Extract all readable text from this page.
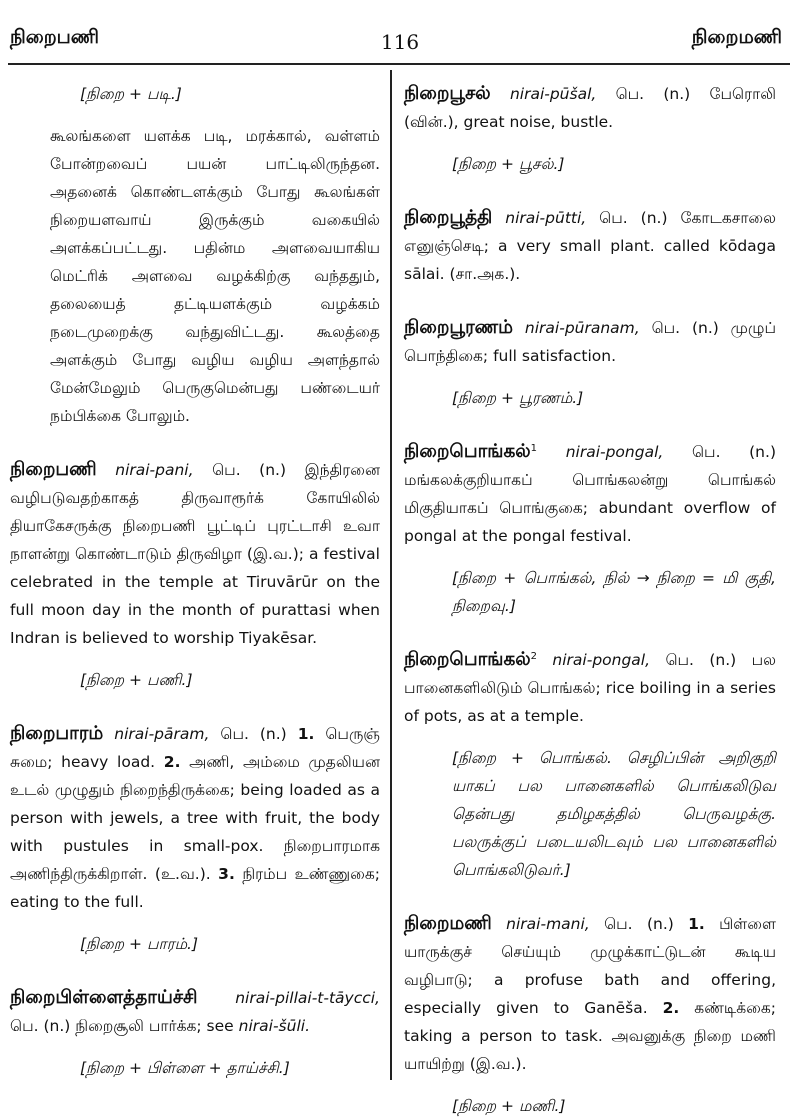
நிறைபணி	116	நிறைமணி

[நிறை + படி.]

கூலங்களை யளக்க படி, மரக்கால், வள்ளம் போன்றவைப் பயன் பாட்டிலிருந்தன. அதனைக் கொண்டளக்கும் போது கூலங்கள் நிறையளவாய் இருக்கும் வகையில் அளக்கப்பட்டது. பதின்ம அளவையாகிய மெட்ரிக் அளவை வழக்கிற்கு வந்ததும், தலையைத் தட்டியளக்கும் வழக்கம் நடைமுறைக்கு வந்துவிட்டது. கூலத்தை அளக்கும் போது வழிய வழிய அளந்தால் மேன்மேலும் பெருகுமென்பது பண்டையர் நம்பிக்கை போலும்.

நிறைபணி nirai-pani, பெ. (n.) இந்திரனை வழிபடுவதற்காகத் திருவாரூர்க் கோயிலில் தியாகேசருக்கு நிறைபணி பூட்டிப் புரட்டாசி உவா நாளன்று கொண்டாடும் திருவிழா (இ.வ.); a festival celebrated in the temple at Tiruvārūr on the full moon day in the month of purattasi when Indran is believed to worship Tiyakēsar.

[நிறை + பணி.]

நிறைபாரம் nirai-pāram, பெ. (n.) 1. பெருஞ் சுமை; heavy load. 2. அணி, அம்மை முதலியன உடல் முழுதும் நிறைந்திருக்கை; being loaded as a person with jewels, a tree with fruit, the body with pustules in small-pox. நிறைபாரமாக அணிந்திருக்கிறாள். (உ.வ.). 3. நிரம்ப உண்ணுகை; eating to the full.

[நிறை + பாரம்.]

நிறைபிள்ளைத்தாய்ச்சி nirai-pillai-t-tāycci, பெ. (n.) நிறைசூலி பார்க்க; see nirai-šūli.

[நிறை + பிள்ளை + தாய்ச்சி.]

நிறைபூசல் nirai-pūšal, பெ. (n.) பேரொலி (வின்.), great noise, bustle.

[நிறை + பூசல்.]

நிறைபூத்தி nirai-pūtti, பெ. (n.) கோடகசாலை எனுஞ்செடி; a very small plant. called kōdaga sālai. (சா.அக.).

நிறைபூரணம் nirai-pūranam, பெ. (n.) முழுப் பொந்திகை; full satisfaction.

[நிறை + பூரணம்.]

நிறைபொங்கல்$^1$ nirai-pongal, பெ. (n.) மங்கலக்குறியாகப் பொங்கலன்று பொங்கல் மிகுதியாகப் பொங்குகை; abundant overflow of pongal at the pongal festival.

[நிறை + பொங்கல், நில் → நிறை = மி குதி, நிறைவு.]

நிறைபொங்கல்$^2$ nirai-pongal, பெ. (n.) பல பானைகளிலிடும் பொங்கல்; rice boiling in a series of pots, as at a temple.

[நிறை + பொங்கல். செழிப்பின் அறிகுறி யாகப் பல பானைகளில் பொங்கலிடுவ தென்பது தமிழகத்தில் பெருவழக்கு. பலருக்குப் படையலிடவும் பல பானைகளில் பொங்கலிடுவர்.]

நிறைமணி nirai-mani, பெ. (n.) 1. பிள்ளை யாருக்குச் செய்யும் முழுக்காட்டுடன் கூடிய வழிபாடு; a profuse bath and offering, especially given to Ganēša. 2. கண்டிக்கை; taking a person to task. அவனுக்கு நிறை மணி யாயிற்று (இ.வ.).

[நிறை + மணி.]
